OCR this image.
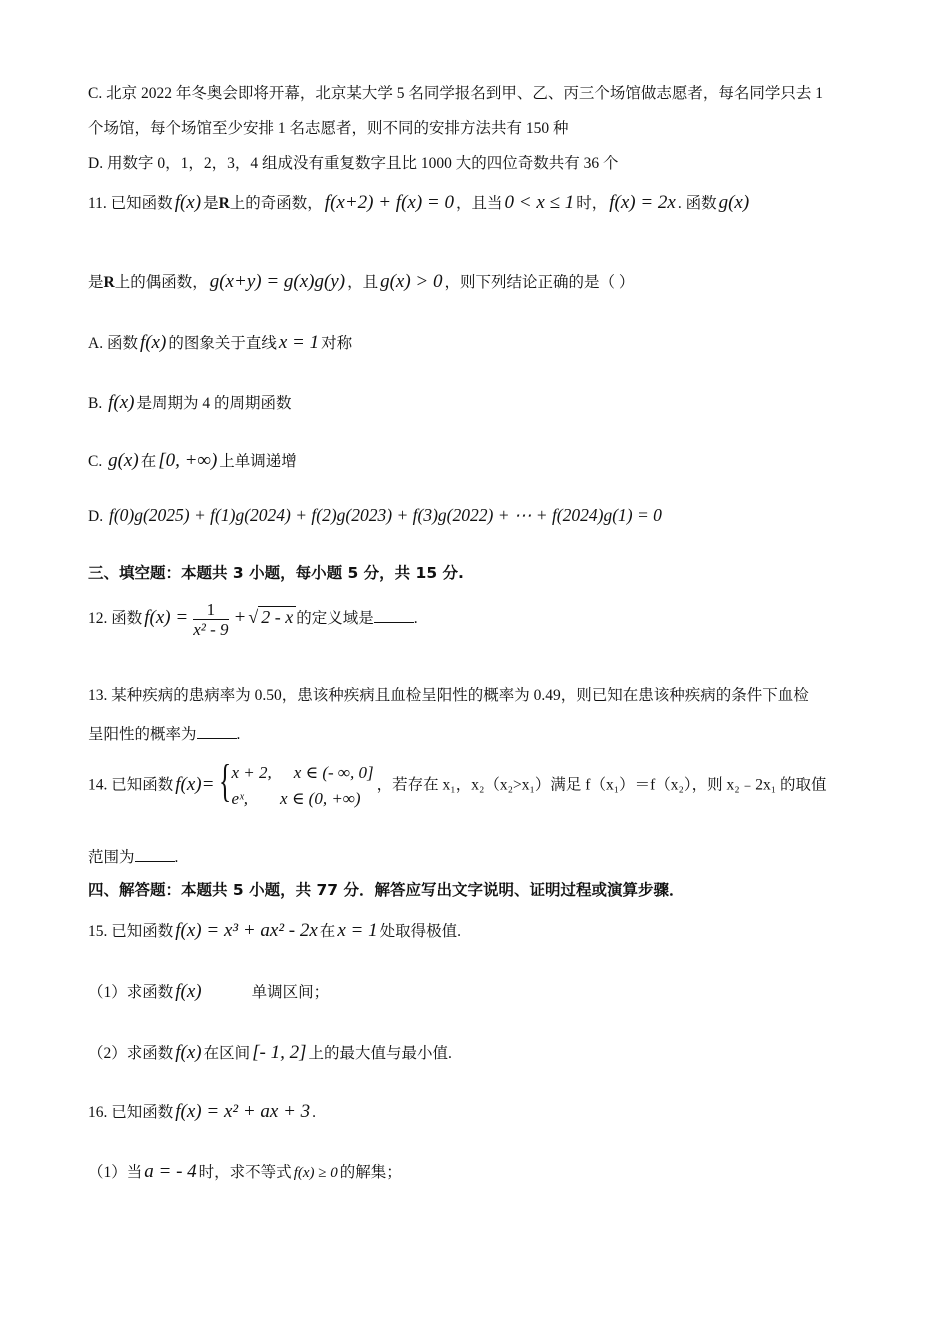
C. 北京 2022 年冬奥会即将开幕，北京某大学 5 名同学报名到甲、乙、丙三个场馆做志愿者，每名同学只去 1
个场馆，每个场馆至少安排 1 名志愿者，则不同的安排方法共有 150 种
D. 用数字 0，1，2，3，4 组成没有重复数字且比 1000 大的四位奇数共有 36 个
11. 已知函数 f(x) 是R上的奇函数， f(x+2) + f(x) = 0 ，且当 0 < x ≤ 1 时， f(x) = 2x . 函数 g(x)
是R上的偶函数， g(x+y) = g(x)g(y) ，且 g(x) > 0 ，则下列结论正确的是（ ）
A. 函数 f(x) 的图象关于直线 x = 1 对称
B. f(x) 是周期为 4 的周期函数
C. g(x) 在 [0, +∞) 上单调递增
D. f(0)g(2025) + f(1)g(2024) + f(2)g(2023) + f(3)g(2022) + ⋯ + f(2024)g(1) = 0
三、填空题：本题共 3 小题，每小题 5 分，共 15 分.
12. 函数 $f(x) = \frac{1}{\text{x² - 9}}$ + √ 2 - x 的定义域是	.
13. 某种疾病的患病率为 0.50，患该种疾病且血检呈阳性的概率为 0.49，则已知在患该种疾病的条件下血检
呈阳性的概率为	.
14. 已知函数 f(x)= { x + 2, x ∈ (- ∞, 0]
eˣ, x ∈ (0, +∞)
，若存在 x₁，x₂（x₂>x₁）满足 f（x₁）＝f（x₂），则 x₂﹣2x₁ 的取值
范围为	.
四、解答题：本题共 5 小题，共 77 分．解答应写出文字说明、证明过程或演算步骤．
15. 已知函数 f(x) = x³ + ax² - 2x 在 x = 1 处取得极值.
（1）求函数 f(x)	单调区间；
（2）求函数 f(x) 在区间 [- 1, 2] 上的最大值与最小值.
16. 已知函数 f(x) = x² + ax + 3 .
（1）当 a = - 4 时，求不等式 f(x) ≥ 0 的解集；
